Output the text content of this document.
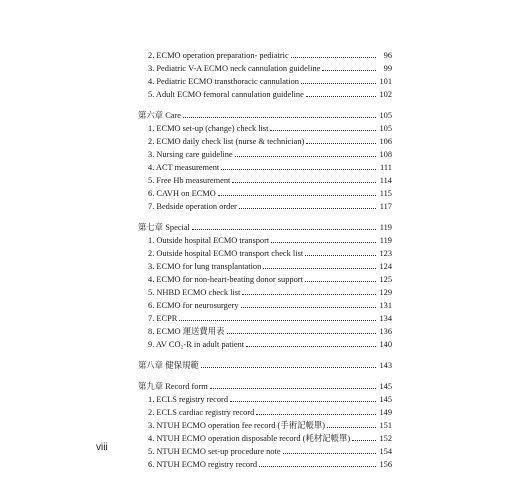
2. ECMO operation preparation- pediatric	96
3. Pediatric V-A ECMO neck cannulation guideline	99
4. Pediatric ECMO transthoracic cannulation	101
5. Adult ECMO femoral cannulation guideline	102
第六章 Care	105
1. ECMO set-up (change) check list	105
2. ECMO daily check list (nurse & technician)	106
3. Nursing care guideline	108
4. ACT measurement	111
5. Free Hb measurement	114
6. CAVH on ECMO	115
7. Bedside operation order	117
第七章 Special	119
1. Outside hospital ECMO transport	119
2. Outside hospital ECMO transport check list	123
3. ECMO for lung transplantation	124
4. ECMO for non-heart-beating donor support	125
5. NHBD ECMO check list	129
6. ECMO for neurosurgery	131
7. ECPR	134
8. ECMO 運送費用表	136
9. AV CO₂-R in adult patient	140
第八章 健保規範	143
第九章 Record form	145
1. ECLS registry record	145
2. ECLS cardiac registry record	149
3. NTUH ECMO operation fee record (手術記帳單)	151
4. NTUH ECMO operation disposable record (耗材記帳單)	152
5. NTUH ECMO set-up procedure note	154
6. NTUH ECMO registry record	156
viii
